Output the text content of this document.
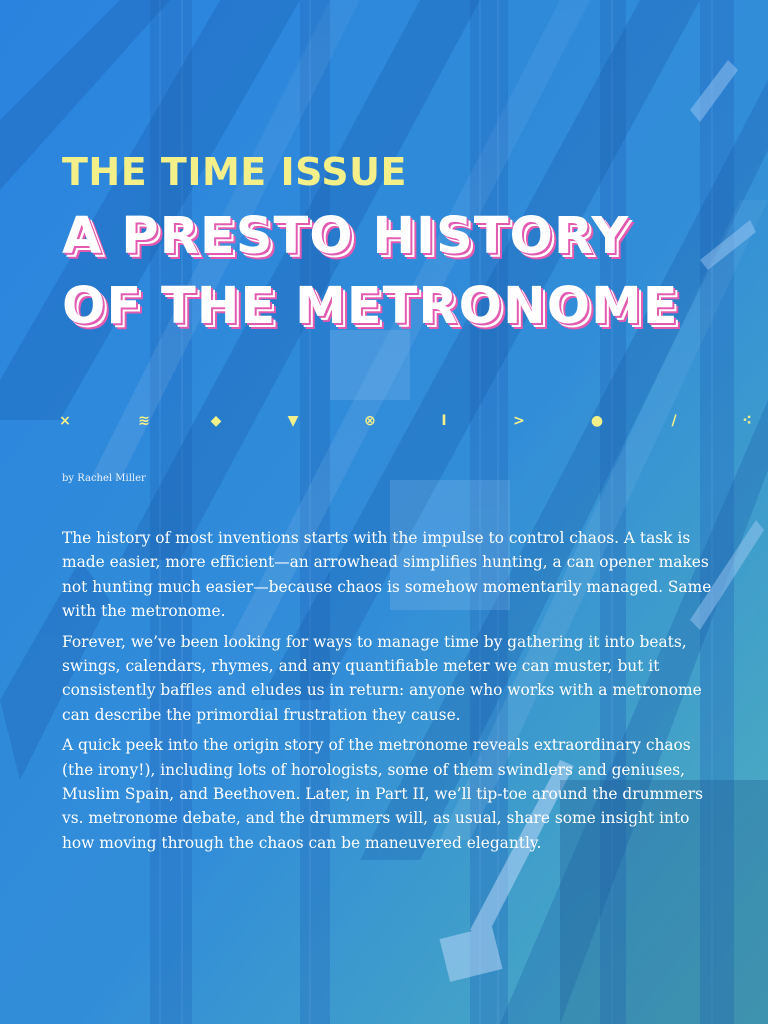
THE TIME ISSUE
A PRESTO HISTORY
OF THE METRONOME
×	≋	◆	▼	⊗	I	>	●	/	⁖

by Rachel Miller

The history of most inventions starts with the impulse to control chaos. A task is made easier, more efficient—an arrowhead simplifies hunting, a can opener makes not hunting much easier—because chaos is somehow momentarily managed. Same with the metronome.

Forever, we’ve been looking for ways to manage time by gathering it into beats, swings, calendars, rhymes, and any quantifiable meter we can muster, but it consistently baffles and eludes us in return: anyone who works with a metronome can describe the primordial frustration they cause.

A quick peek into the origin story of the metronome reveals extraordinary chaos (the irony!), including lots of horologists, some of them swindlers and geniuses, Muslim Spain, and Beethoven. Later, in Part II, we’ll tip-toe around the drummers vs. metronome debate, and the drummers will, as usual, share some insight into how moving through the chaos can be maneuvered elegantly.
